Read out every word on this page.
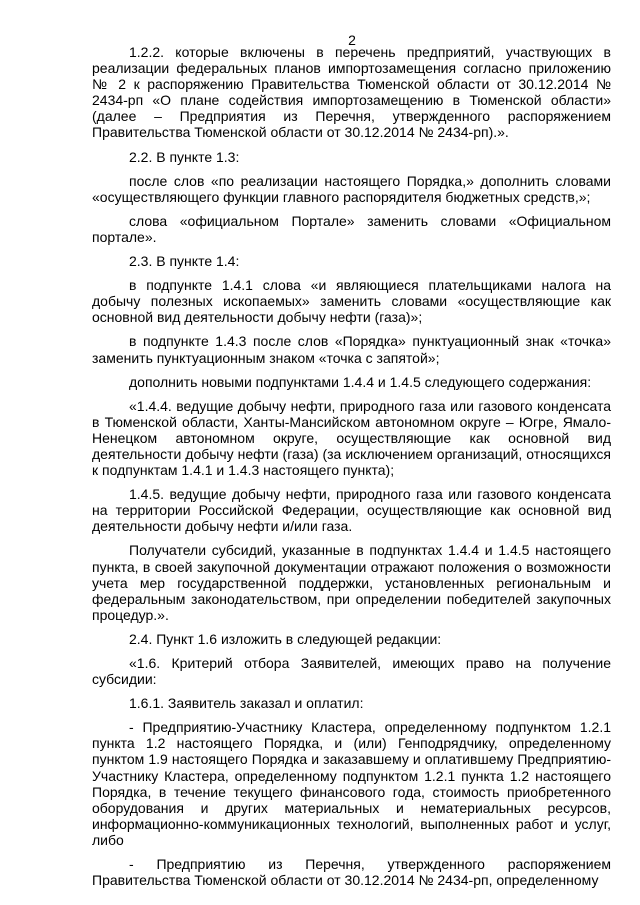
2

1.2.2. которые включены в перечень предприятий, участвующих в реализации федеральных планов импортозамещения согласно приложению № 2 к распоряжению Правительства Тюменской области от 30.12.2014 № 2434-рп «О плане содействия импортозамещению в Тюменской области» (далее – Предприятия из Перечня, утвержденного распоряжением Правительства Тюменской области от 30.12.2014 № 2434-рп).».

2.2. В пункте 1.3:

после слов «по реализации настоящего Порядка,» дополнить словами «осуществляющего функции главного распорядителя бюджетных средств,»;

слова «официальном Портале» заменить словами «Официальном портале».

2.3. В пункте 1.4:

в подпункте 1.4.1 слова «и являющиеся плательщиками налога на добычу полезных ископаемых» заменить словами «осуществляющие как основной вид деятельности добычу нефти (газа)»;

в подпункте 1.4.3 после слов «Порядка» пунктуационный знак «точка» заменить пунктуационным знаком «точка с запятой»;

дополнить новыми подпунктами 1.4.4 и 1.4.5 следующего содержания:

«1.4.4. ведущие добычу нефти, природного газа или газового конденсата в Тюменской области, Ханты-Мансийском автономном округе – Югре, Ямало-Ненецком автономном округе, осуществляющие как основной вид деятельности добычу нефти (газа) (за исключением организаций, относящихся к подпунктам 1.4.1 и 1.4.3 настоящего пункта);

1.4.5. ведущие добычу нефти, природного газа или газового конденсата на территории Российской Федерации, осуществляющие как основной вид деятельности добычу нефти и/или газа.

Получатели субсидий, указанные в подпунктах 1.4.4 и 1.4.5 настоящего пункта, в своей закупочной документации отражают положения о возможности учета мер государственной поддержки, установленных региональным и федеральным законодательством, при определении победителей закупочных процедур.».

2.4. Пункт 1.6 изложить в следующей редакции:

«1.6. Критерий отбора Заявителей, имеющих право на получение субсидии:

1.6.1. Заявитель заказал и оплатил:

- Предприятию-Участнику Кластера, определенному подпунктом 1.2.1 пункта 1.2 настоящего Порядка, и (или) Генподрядчику, определенному пунктом 1.9 настоящего Порядка и заказавшему и оплатившему Предприятию-Участнику Кластера, определенному подпунктом 1.2.1 пункта 1.2 настоящего Порядка, в течение текущего финансового года, стоимость приобретенного оборудования и других материальных и нематериальных ресурсов, информационно-коммуникационных технологий, выполненных работ и услуг, либо

- Предприятию из Перечня, утвержденного распоряжением Правительства Тюменской области от 30.12.2014 № 2434-рп, определенному
